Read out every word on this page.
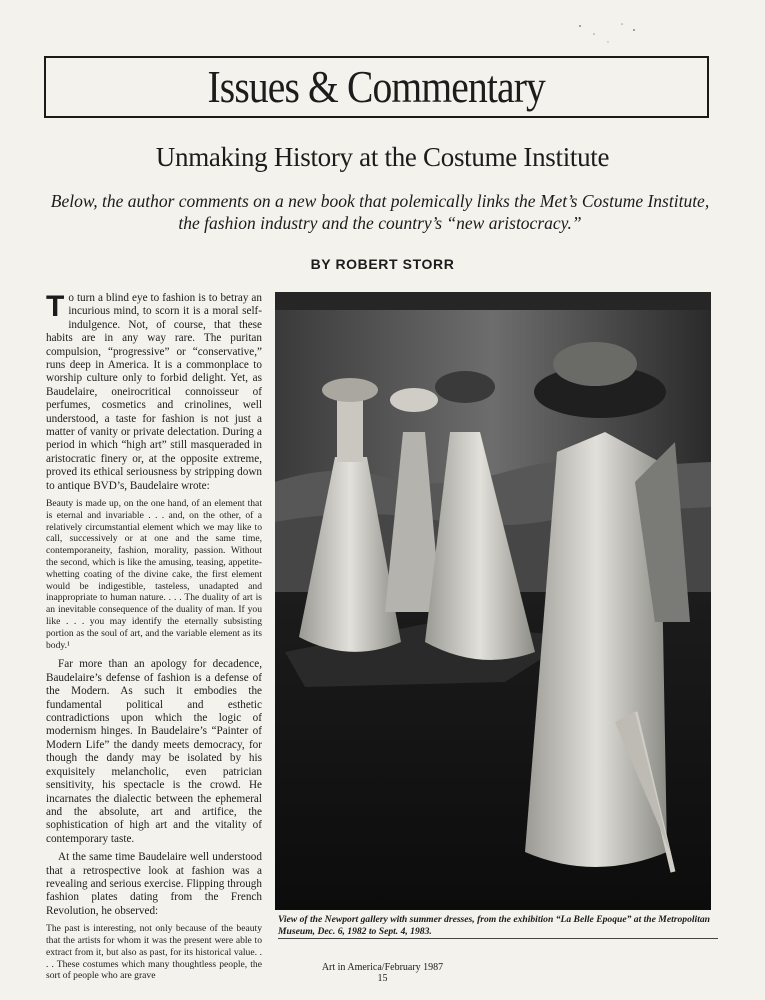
Issues & Commentary
Unmaking History at the Costume Institute
Below, the author comments on a new book that polemically links the Met’s Costume Institute, the fashion industry and the country’s “new aristocracy.”
BY ROBERT STORR

To turn a blind eye to fashion is to betray an incurious mind, to scorn it is a moral self-indulgence. Not, of course, that these habits are in any way rare. The puritan compulsion, “progressive” or “conservative,” runs deep in America. It is a commonplace to worship culture only to forbid delight. Yet, as Baudelaire, oneirocritical connoisseur of perfumes, cosmetics and crinolines, well understood, a taste for fashion is not just a matter of vanity or private delectation. During a period in which “high art” still masqueraded in aristocratic finery or, at the opposite extreme, proved its ethical seriousness by stripping down to antique BVD’s, Baudelaire wrote:

Beauty is made up, on the one hand, of an element that is eternal and invariable . . . and, on the other, of a relatively circumstantial element which we may like to call, successively or at one and the same time, contemporaneity, fashion, morality, passion. Without the second, which is like the amusing, teasing, appetite-whetting coating of the divine cake, the first element would be indigestible, tasteless, unadapted and inappropriate to human nature. . . . The duality of art is an inevitable consequence of the duality of man. If you like . . . you may identify the eternally subsisting portion as the soul of art, and the variable element as its body.¹

Far more than an apology for decadence, Baudelaire’s defense of fashion is a defense of the Modern. As such it embodies the fundamental political and esthetic contradictions upon which the logic of modernism hinges. In Baudelaire’s “Painter of Modern Life” the dandy meets democracy, for though the dandy may be isolated by his exquisitely melancholic, even patrician sensitivity, his spectacle is the crowd. He incarnates the dialectic between the ephemeral and the absolute, art and artifice, the sophistication of high art and the vitality of contemporary taste.

At the same time Baudelaire well understood that a retrospective look at fashion was a revealing and serious exercise. Flipping through fashion plates dating from the French Revolution, he observed:

The past is interesting, not only because of the beauty that the artists for whom it was the present were able to extract from it, but also as past, for its historical value. . . . These costumes which many thoughtless people, the sort of people who are grave

View of the Newport gallery with summer dresses, from the exhibition “La Belle Epoque” at the Metropolitan Museum, Dec. 6, 1982 to Sept. 4, 1983.
Art in America/February 1987
15
